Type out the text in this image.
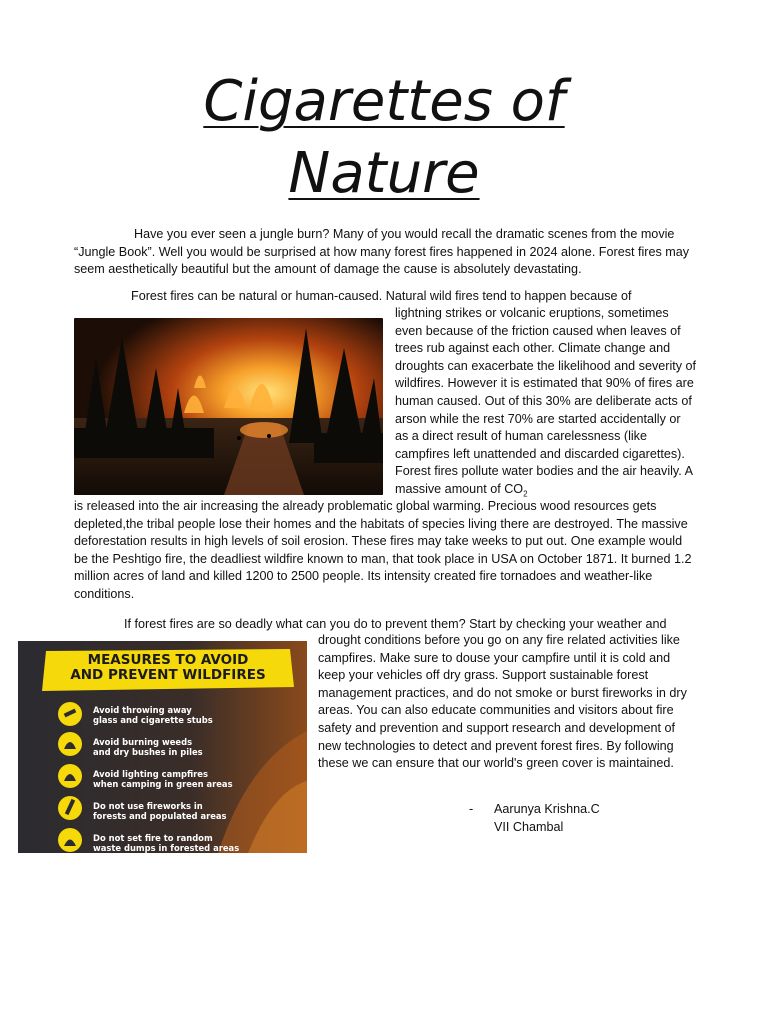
Cigarettes of
Nature

Have you ever seen a jungle burn? Many of you would recall the dramatic scenes from the movie “Jungle Book”. Well you would be surprised at how many forest fires happened in 2024 alone. Forest fires may seem aesthetically beautiful but the amount of damage the cause is absolutely devastating.

Forest fires can be natural or human-caused. Natural wild fires tend to happen because of

lightning strikes or volcanic eruptions, sometimes even because of the friction caused when leaves of trees rub against each other. Climate change and droughts can exacerbate the likelihood and severity of wildfires. However it is estimated that 90% of fires are human caused. Out of this 30% are deliberate acts of arson while the rest 70% are started accidentally or as a direct result of human carelessness (like campfires left unattended and discarded cigarettes). Forest fires pollute water bodies and the air heavily. A massive amount of $CO_2$

is released into the air increasing the already problematic global warming. Precious wood resources gets depleted,the tribal people lose their homes and the habitats of species living there are destroyed. The massive deforestation results in high levels of soil erosion. These fires may take weeks to put out. One example would be the Peshtigo fire, the deadliest wildfire known to man, that took place in USA on October 1871. It burned 1.2 million acres of land and killed 1200 to 2500 people. Its intensity created fire tornadoes and weather-like conditions.

If forest fires are so deadly what can you do to prevent them? Start by checking your weather and

MEASURES TO AVOID
AND PREVENT WILDFIRES
Avoid throwing away
glass and cigarette stubs
Avoid burning weeds
and dry bushes in piles
Avoid lighting campfires
when camping in green areas
Do not use fireworks in
forests and populated areas
Do not set fire to random
waste dumps in forested areas

drought conditions before you go on any fire related activities like campfires. Make sure to douse your campfire until it is cold and keep your vehicles off dry grass. Support sustainable forest management practices, and do not smoke or burst fireworks in dry areas. You can also educate communities and visitors about fire safety and prevention and support research and development of new technologies to detect and prevent forest fires. By following these we can ensure that our world's green cover is maintained.

- Aarunya Krishna.C
VII Chambal
